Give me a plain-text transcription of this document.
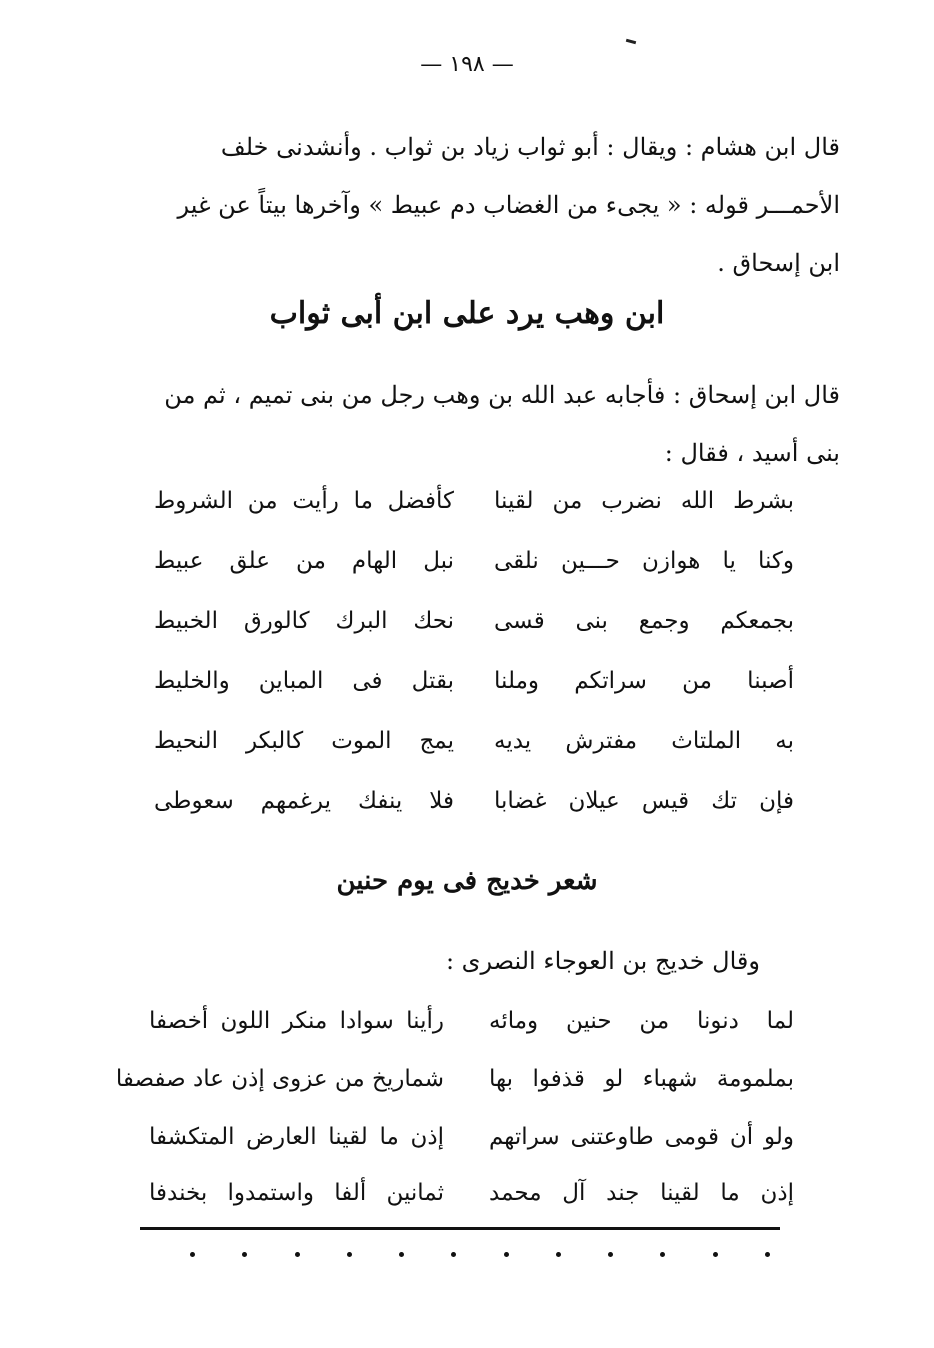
— ١٩٨ —
قال ابن هشام : ويقال : أبو ثواب زياد بن ثواب . وأنشدنى خلف
الأحمـــر قوله : « يجىء من الغضاب دم عبيط » وآخرها بيتاً عن غير
ابن إسحاق .
ابن وهب يرد على ابن أبى ثواب
قال ابن إسحاق : فأجابه عبد الله بن وهب رجل من بنى تميم ، ثم من
بنى أسيد ، فقال :
بشرط الله نضرب من لقينا
كأفضل ما رأيت من الشروط
وكنا يا هوازن حـــين نلقى
نبل الهام من علق عبيط
بجمعكم وجمع بنى قسى
نحك البرك كالورق الخبيط
أصبنا من سراتكم وملنا
بقتل فى المباين والخليط
به الملتاث مفترش يديه
يمج الموت كالبكر النحيط
فإن تك قيس عيلان غضابا
فلا ينفك يرغمهم سعوطى
شعر خديج فى يوم حنين
وقال خديج بن العوجاء النصرى :
لما دنونا من حنين ومائه
رأينا سوادا منكر اللون أخصفا
بملمومة شهباء لو قذفوا بها
شماريخ من عزوى إذن عاد صفصفا
ولو أن قومى طاوعتنى سراتهم
إذن ما لقينا العارض المتكشفا
إذن ما لقينا جند آل محمد
ثمانين ألفا واستمدوا بخندفا
